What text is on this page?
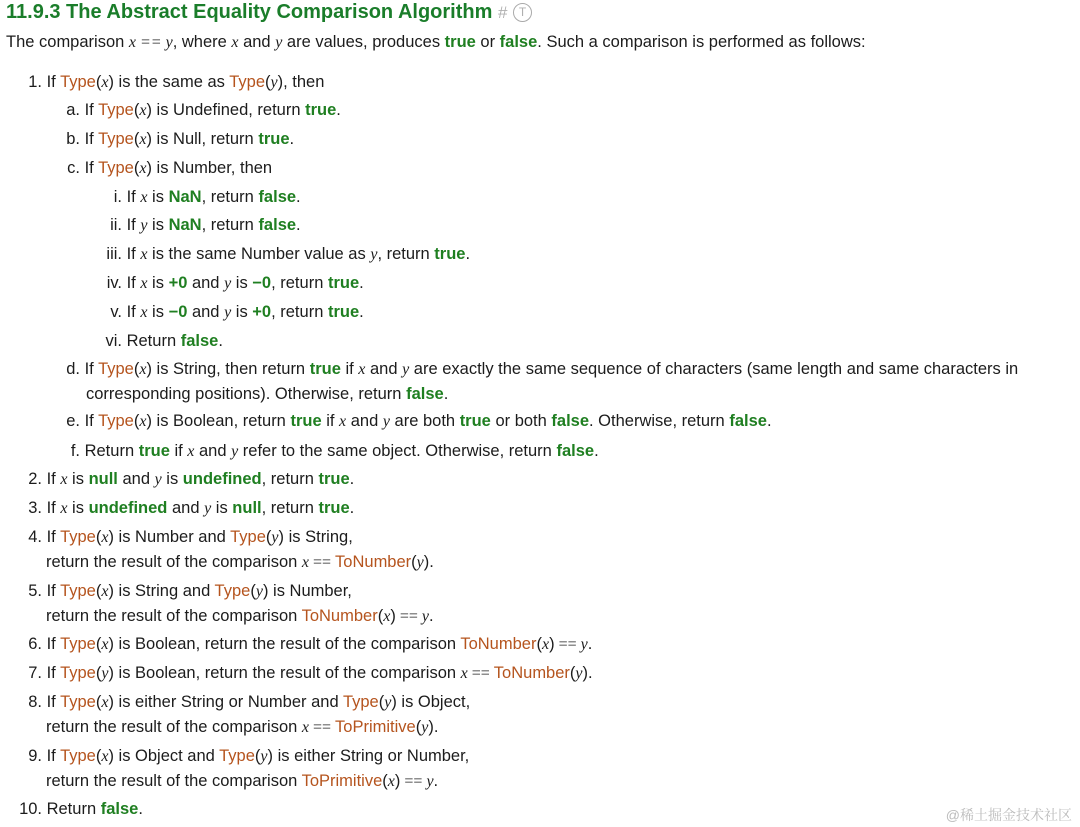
11.9.3 The Abstract Equality Comparison Algorithm # T
The comparison x == y, where x and y are values, produces true or false. Such a comparison is performed as follows:
1. If Type(x) is the same as Type(y), then
a. If Type(x) is Undefined, return true.
b. If Type(x) is Null, return true.
c. If Type(x) is Number, then
i. If x is NaN, return false.
ii. If y is NaN, return false.
iii. If x is the same Number value as y, return true.
iv. If x is +0 and y is −0, return true.
v. If x is −0 and y is +0, return true.
vi. Return false.
d. If Type(x) is String, then return true if x and y are exactly the same sequence of characters (same length and same characters in
corresponding positions). Otherwise, return false.
e. If Type(x) is Boolean, return true if x and y are both true or both false. Otherwise, return false.
f. Return true if x and y refer to the same object. Otherwise, return false.
2. If x is null and y is undefined, return true.
3. If x is undefined and y is null, return true.
4. If Type(x) is Number and Type(y) is String,
return the result of the comparison x == ToNumber(y).
5. If Type(x) is String and Type(y) is Number,
return the result of the comparison ToNumber(x) == y.
6. If Type(x) is Boolean, return the result of the comparison ToNumber(x) == y.
7. If Type(y) is Boolean, return the result of the comparison x == ToNumber(y).
8. If Type(x) is either String or Number and Type(y) is Object,
return the result of the comparison x == ToPrimitive(y).
9. If Type(x) is Object and Type(y) is either String or Number,
return the result of the comparison ToPrimitive(x) == y.
10. Return false.	@稀土掘金技术社区
